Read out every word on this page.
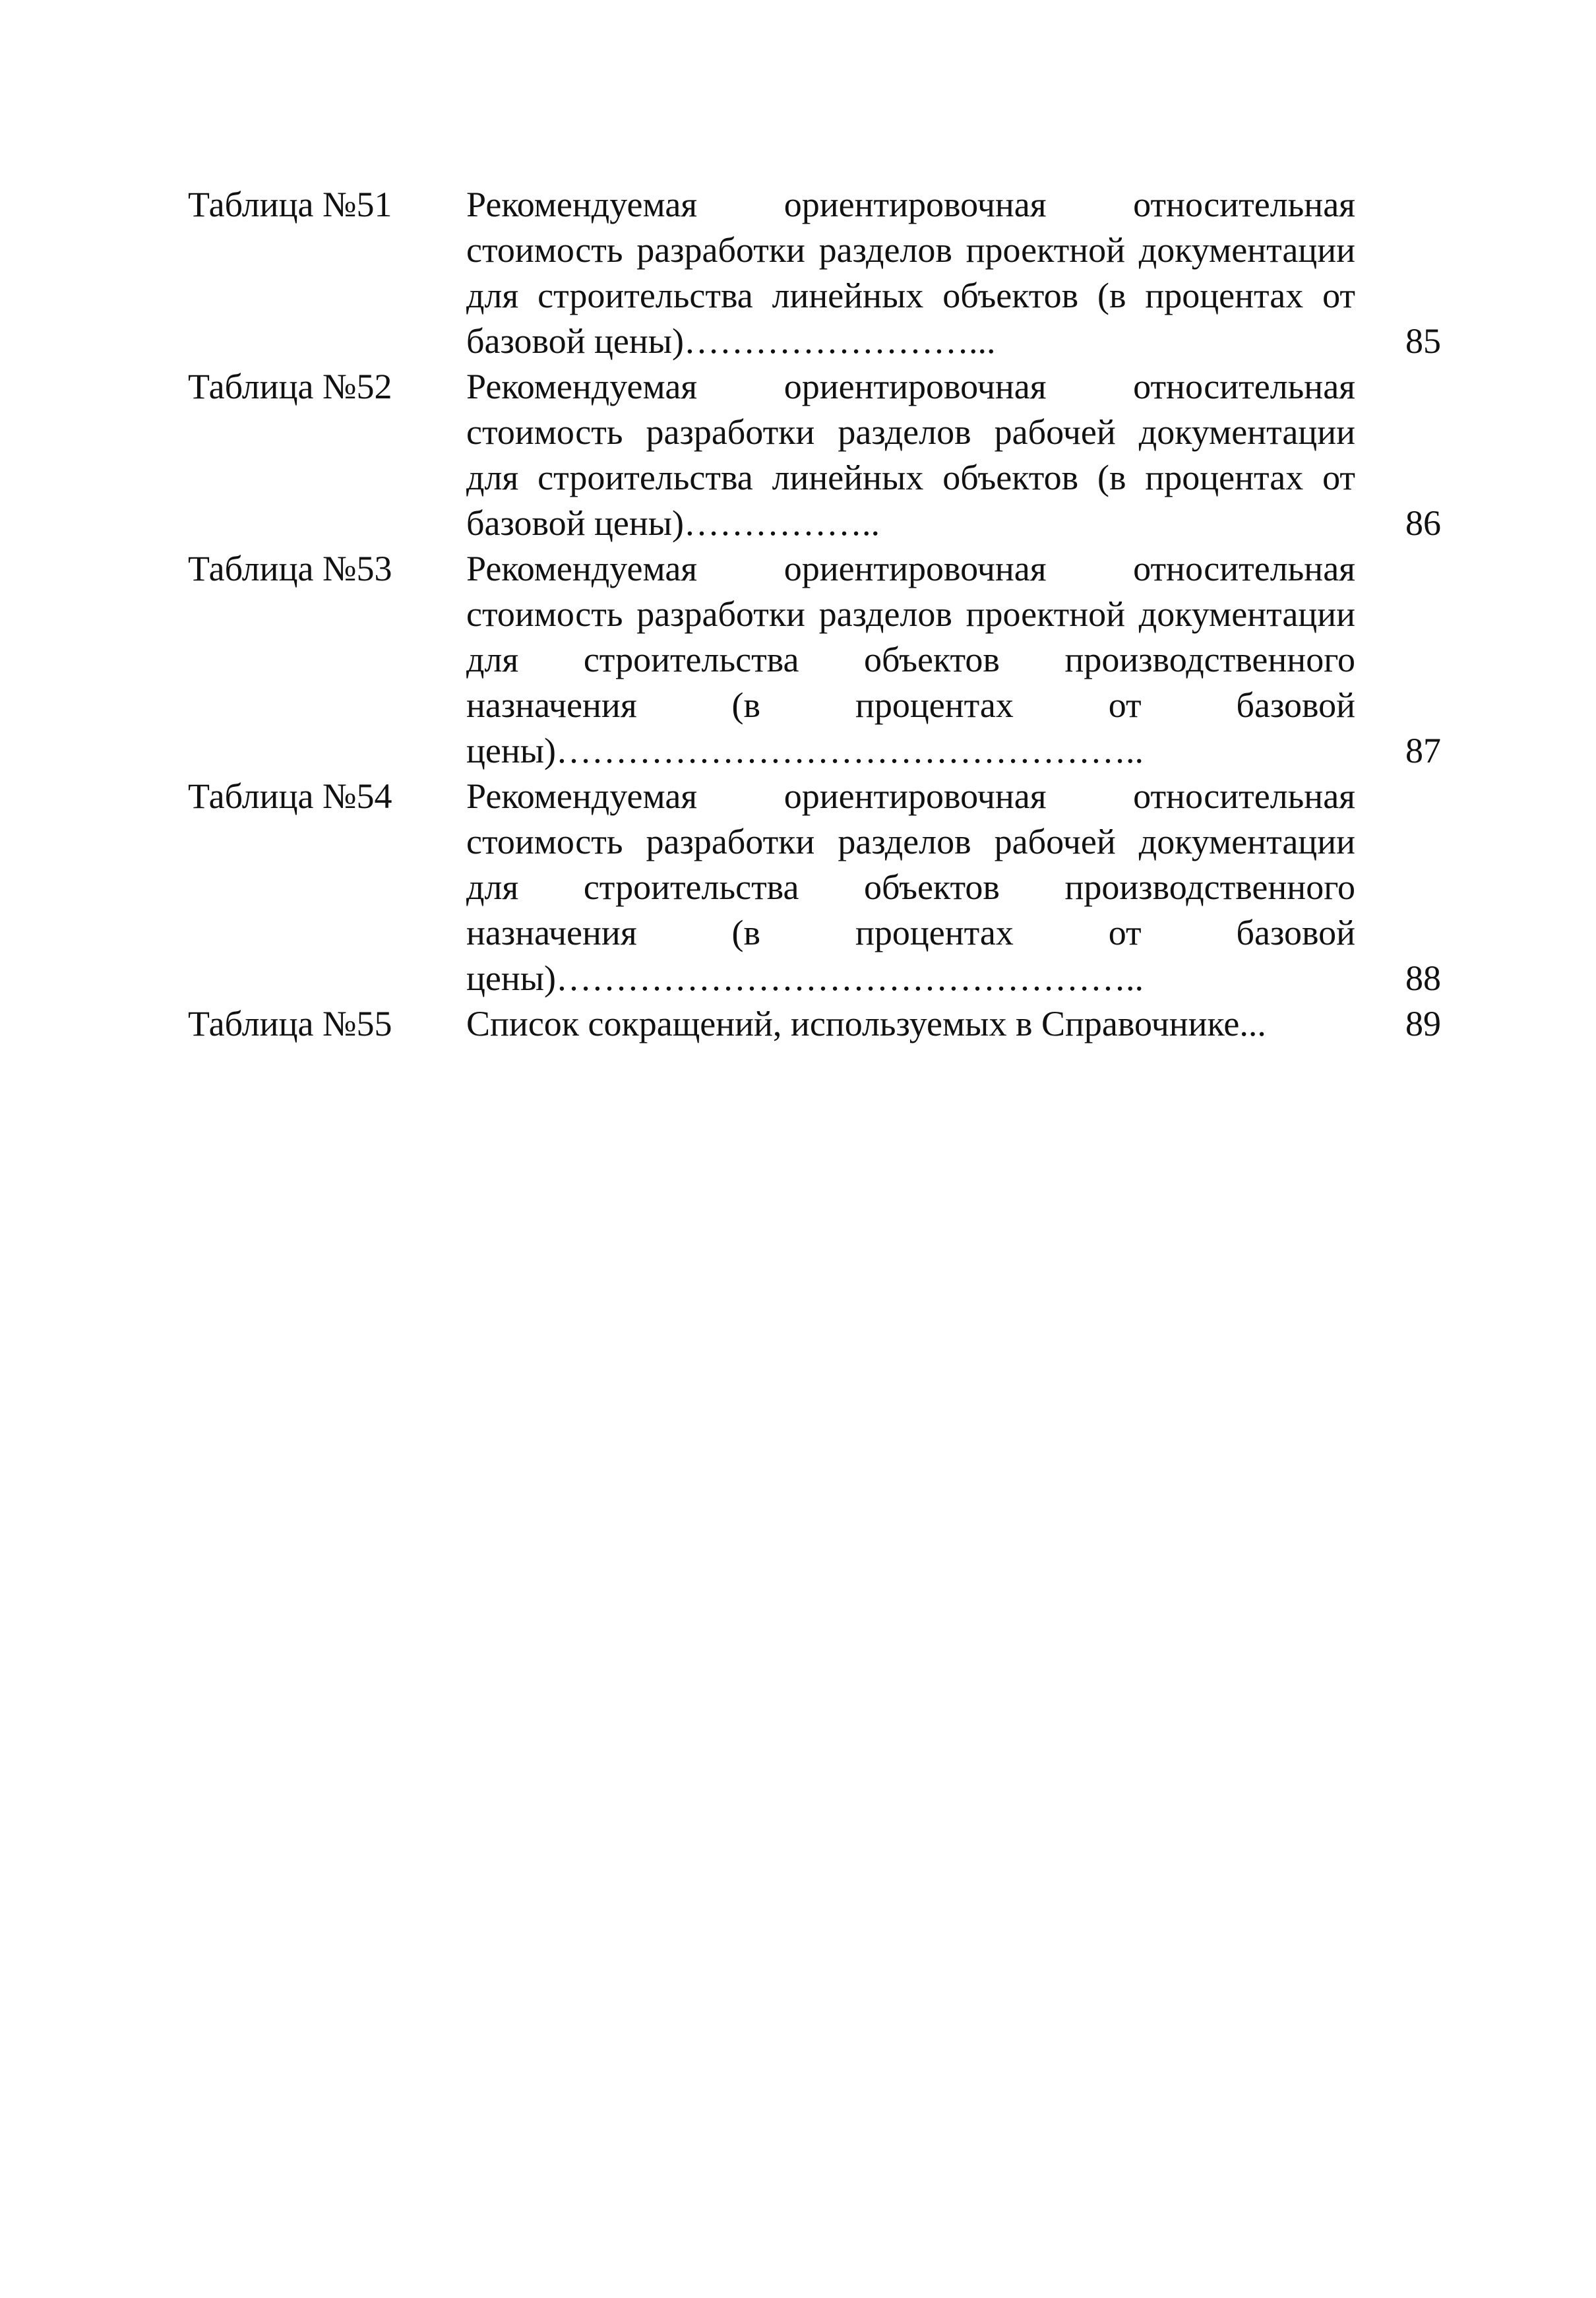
Таблица №51	Рекомендуемая ориентировочная относительная стоимость разработки разделов проектной документации для строительства линейных объектов (в процентах от базовой цены)……………………...	85
Таблица №52	Рекомендуемая ориентировочная относительная стоимость разработки разделов рабочей документации для строительства линейных объектов (в процентах от базовой цены)……………..	86
Таблица №53	Рекомендуемая ориентировочная относительная стоимость разработки разделов проектной документации для строительства объектов производственного назначения (в процентах от базовой цены)…………………………………………..	87
Таблица №54	Рекомендуемая ориентировочная относительная стоимость разработки разделов рабочей документации для строительства объектов производственного назначения (в процентах от базовой цены)…………………………………………..	88
Таблица №55	Список сокращений, используемых в Справочнике...	89
